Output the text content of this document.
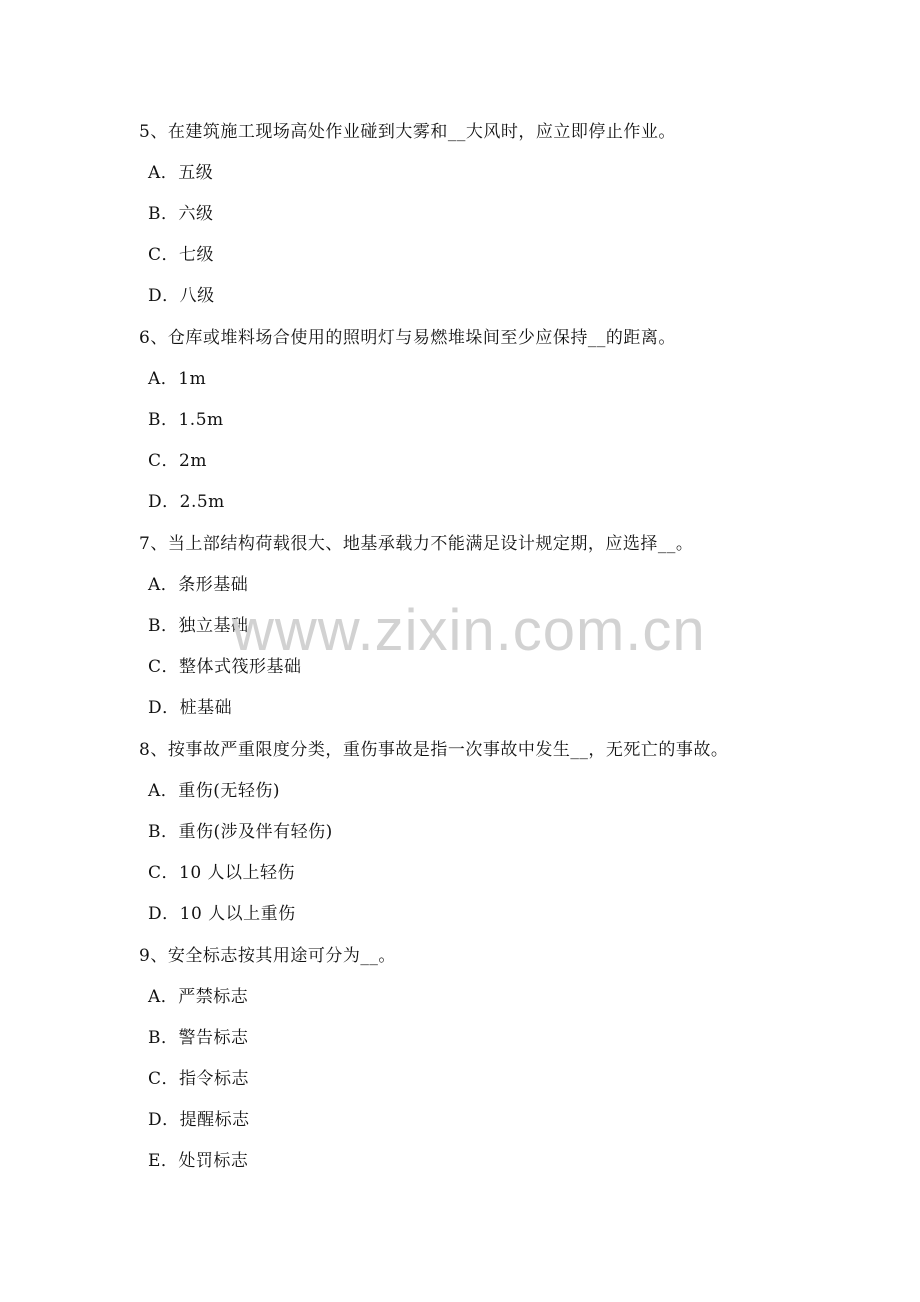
5、在建筑施工现场高处作业碰到大雾和__大风时，应立即停止作业。
A．五级
B．六级
C．七级
D．八级
6、仓库或堆料场合使用的照明灯与易燃堆垛间至少应保持__的距离。
A．1m
B．1.5m
C．2m
D．2.5m
7、当上部结构荷载很大、地基承载力不能满足设计规定期，应选择__。
A．条形基础
B．独立基础
C．整体式筏形基础
D．桩基础
8、按事故严重限度分类，重伤事故是指一次事故中发生__，无死亡的事故。
A．重伤(无轻伤)
B．重伤(涉及伴有轻伤)
C．10 人以上轻伤
D．10 人以上重伤
9、安全标志按其用途可分为__。
A．严禁标志
B．警告标志
C．指令标志
D．提醒标志
E．处罚标志
www.zixin.com.cn
